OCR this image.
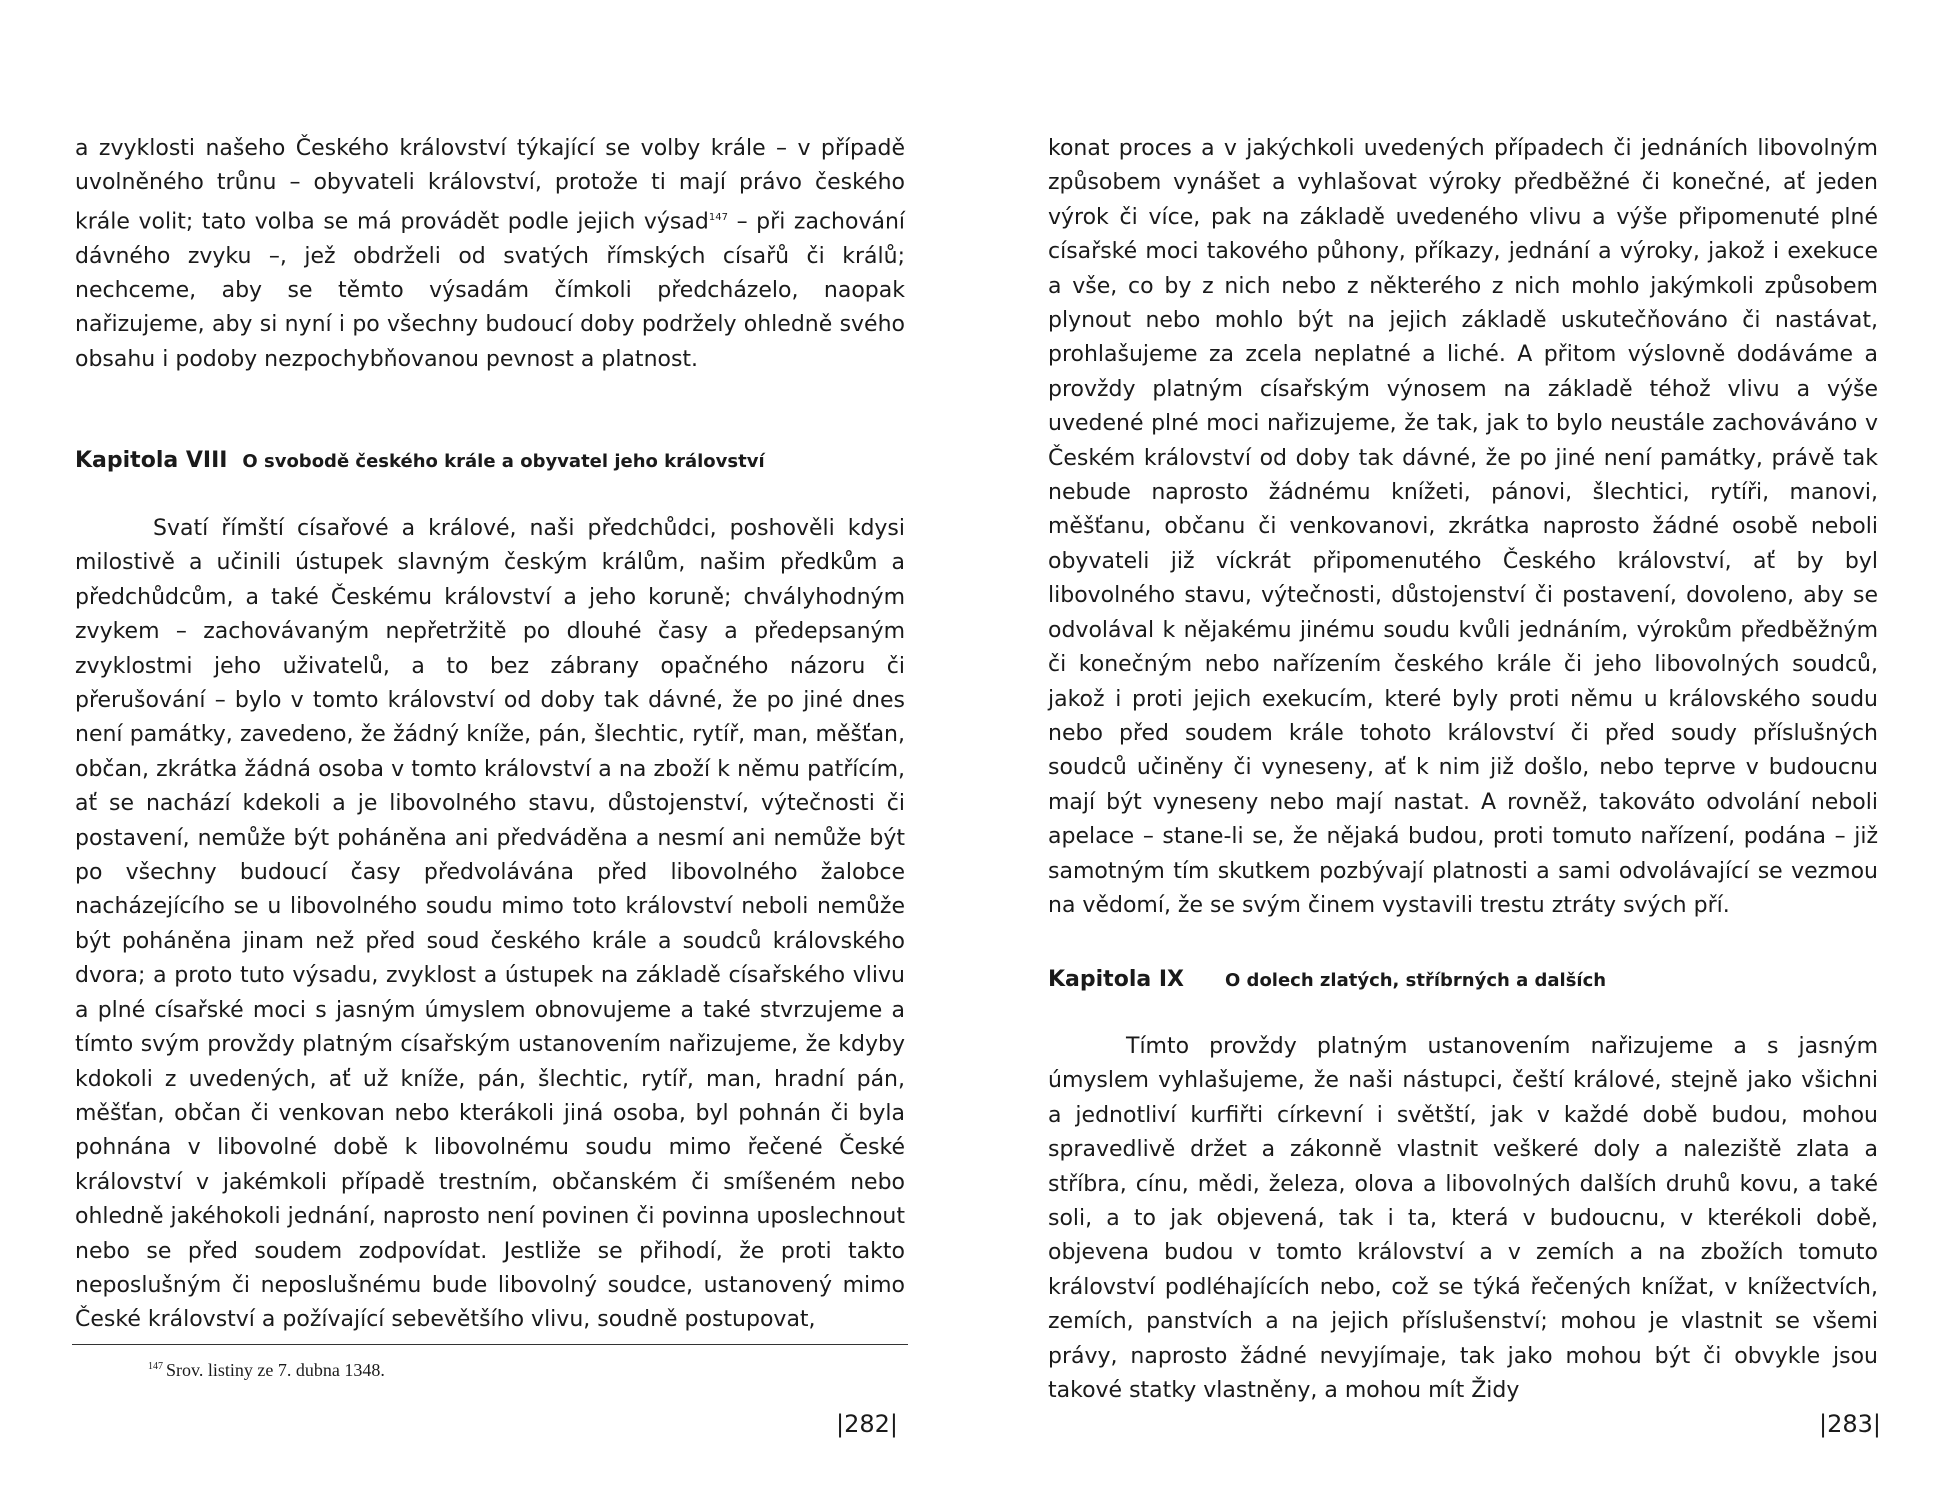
a zvyklosti našeho Českého království týkající se volby krále – v případě uvolněného trůnu – obyvateli království, protože ti mají právo českého krále volit; tato volba se má provádět podle jejich výsad$^{147}$ – při zachování dávného zvyku –, jež obdrželi od svatých římských císařů či králů; nechceme, aby se těmto výsadám čímkoli předcházelo, naopak nařizujeme, aby si nyní i po všechny budoucí doby podržely ohledně svého obsahu i podoby nezpochybňovanou pevnost a platnost.

Kapitola VIII O svobodě českého krále a obyvatel jeho království

Svatí římští císařové a králové, naši předchůdci, poshověli kdysi milostivě a učinili ústupek slavným českým králům, našim předkům a předchůdcům, a také Českému království a jeho koruně; chvályhodným zvykem – zachovávaným nepřetržitě po dlouhé časy a předepsaným zvyklostmi jeho uživatelů, a to bez zábrany opačného názoru či přerušování – bylo v tomto království od doby tak dávné, že po jiné dnes není památky, zavedeno, že žádný kníže, pán, šlechtic, rytíř, man, měšťan, občan, zkrátka žádná osoba v tomto království a na zboží k němu patřícím, ať se nachází kdekoli a je libovolného stavu, důstojenství, výtečnosti či postavení, nemůže být poháněna ani předváděna a nesmí ani nemůže být po všechny budoucí časy předvolávána před libovolného žalobce nacházejícího se u libovolného soudu mimo toto království neboli nemůže být poháněna jinam než před soud českého krále a soudců královského dvora; a proto tuto výsadu, zvyklost a ústupek na základě císařského vlivu a plné císařské moci s jasným úmyslem obnovujeme a také stvrzujeme a tímto svým provždy platným císařským ustanovením nařizujeme, že kdyby kdokoli z uvedených, ať už kníže, pán, šlechtic, rytíř, man, hradní pán, měšťan, občan či venkovan nebo kterákoli jiná osoba, byl pohnán či byla pohnána v libovolné době k libovolnému soudu mimo řečené České království v jakémkoli případě trestním, občanském či smíšeném nebo ohledně jakéhokoli jednání, naprosto není povinen či povinna uposlechnout nebo se před soudem zodpovídat. Jestliže se přihodí, že proti takto neposlušným či neposlušnému bude libovolný soudce, ustanovený mimo České království a požívající sebevětšího vlivu, soudně postupovat,

$^{147}$ Srov. listiny ze 7. dubna 1348.
|282|

konat proces a v jakýchkoli uvedených případech či jednáních libovolným způsobem vynášet a vyhlašovat výroky předběžné či konečné, ať jeden výrok či více, pak na základě uvedeného vlivu a výše připomenuté plné císařské moci takového půhony, příkazy, jednání a výroky, jakož i exekuce a vše, co by z nich nebo z některého z nich mohlo jakýmkoli způsobem plynout nebo mohlo být na jejich základě uskutečňováno či nastávat, prohlašujeme za zcela neplatné a liché. A přitom výslovně dodáváme a provždy platným císařským výnosem na základě téhož vlivu a výše uvedené plné moci nařizujeme, že tak, jak to bylo neustále zachováváno v Českém království od doby tak dávné, že po jiné není památky, právě tak nebude naprosto žádnému knížeti, pánovi, šlechtici, rytíři, manovi, měšťanu, občanu či venkovanovi, zkrátka naprosto žádné osobě neboli obyvateli již víckrát připomenutého Českého království, ať by byl libovolného stavu, výtečnosti, důstojenství či postavení, dovoleno, aby se odvolával k nějakému jinému soudu kvůli jednáním, výrokům předběžným či konečným nebo nařízením českého krále či jeho libovolných soudců, jakož i proti jejich exekucím, které byly proti němu u královského soudu nebo před soudem krále tohoto království či před soudy příslušných soudců učiněny či vyneseny, ať k nim již došlo, nebo teprve v budoucnu mají být vyneseny nebo mají nastat. A rovněž, takováto odvolání neboli apelace – stane-li se, že nějaká budou, proti tomuto nařízení, podána – již samotným tím skutkem pozbývají platnosti a sami odvolávající se vezmou na vědomí, že se svým činem vystavili trestu ztráty svých pří.

Kapitola IX O dolech zlatých, stříbrných a dalších

Tímto provždy platným ustanovením nařizujeme a s jasným úmyslem vyhlašujeme, že naši nástupci, čeští králové, stejně jako všichni a jednotliví kurfiřti církevní i světští, jak v každé době budou, mohou spravedlivě držet a zákonně vlastnit veškeré doly a naleziště zlata a stříbra, cínu, mědi, železa, olova a libovolných dalších druhů kovu, a také soli, a to jak objevená, tak i ta, která v budoucnu, v kterékoli době, objevena budou v tomto království a v zemích a na zbožích tomuto království podléhajících nebo, což se týká řečených knížat, v knížectvích, zemích, panstvích a na jejich příslušenství; mohou je vlastnit se všemi právy, naprosto žádné nevyjímaje, tak jako mohou být či obvykle jsou takové statky vlastněny, a mohou mít Židy

|283|
